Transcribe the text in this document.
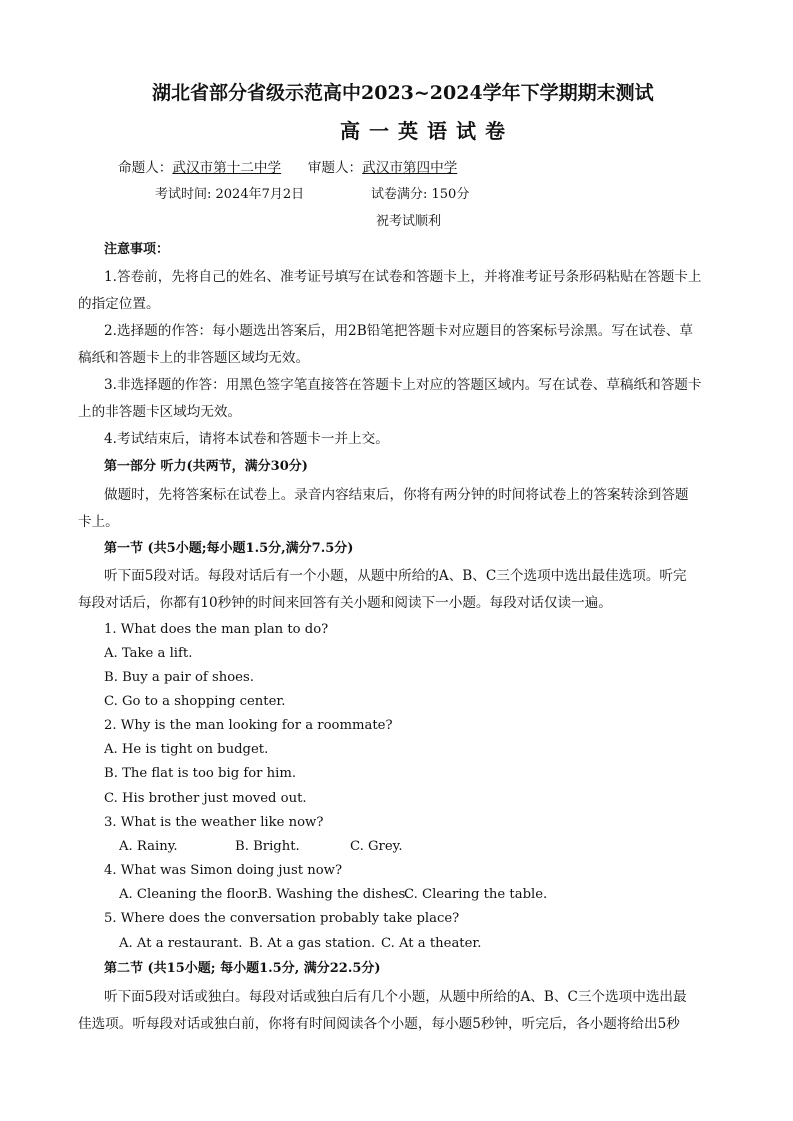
湖北省部分省级示范高中2023~2024学年下学期期末测试
高一英语试卷
命题人：武汉市第十二中学 审题人：武汉市第四中学
考试时间: 2024年7月2日	试卷满分: 150分
祝考试顺利
注意事项：
1.答卷前，先将自己的姓名、准考证号填写在试卷和答题卡上，并将准考证号条形码粘贴在答题卡上
的指定位置。
2.选择题的作答：每小题选出答案后，用2B铅笔把答题卡对应题目的答案标号涂黑。写在试卷、草
稿纸和答题卡上的非答题区域均无效。
3.非选择题的作答：用黑色签字笔直接答在答题卡上对应的答题区域内。写在试卷、草稿纸和答题卡
上的非答题卡区域均无效。
4.考试结束后，请将本试卷和答题卡一并上交。
第一部分 听力(共两节，满分30分)
做题时，先将答案标在试卷上。录音内容结束后，你将有两分钟的时间将试卷上的答案转涂到答题
卡上。
第一节 (共5小题;每小题1.5分,满分7.5分)
听下面5段对话。每段对话后有一个小题，从题中所给的A、B、C三个选项中选出最佳选项。听完
每段对话后，你都有10秒钟的时间来回答有关小题和阅读下一小题。每段对话仅读一遍。
1. What does the man plan to do?
A. Take a lift.
B. Buy a pair of shoes.
C. Go to a shopping center.
2. Why is the man looking for a roommate?
A. He is tight on budget.
B. The flat is too big for him.
C. His brother just moved out.
3. What is the weather like now?
A. Rainy.	B. Bright.	C. Grey.
4. What was Simon doing just now?
A. Cleaning the floor.
B. Washing the dishes.
C. Clearing the table.
5. Where does the conversation probably take place?
A. At a restaurant. B. At a gas station. C. At a theater.
第二节 (共15小题; 每小题1.5分, 满分22.5分)
听下面5段对话或独白。每段对话或独白后有几个小题，从题中所给的A、B、C三个选项中选出最
佳选项。听每段对话或独白前，你将有时间阅读各个小题，每小题5秒钟，听完后，各小题将给出5秒
